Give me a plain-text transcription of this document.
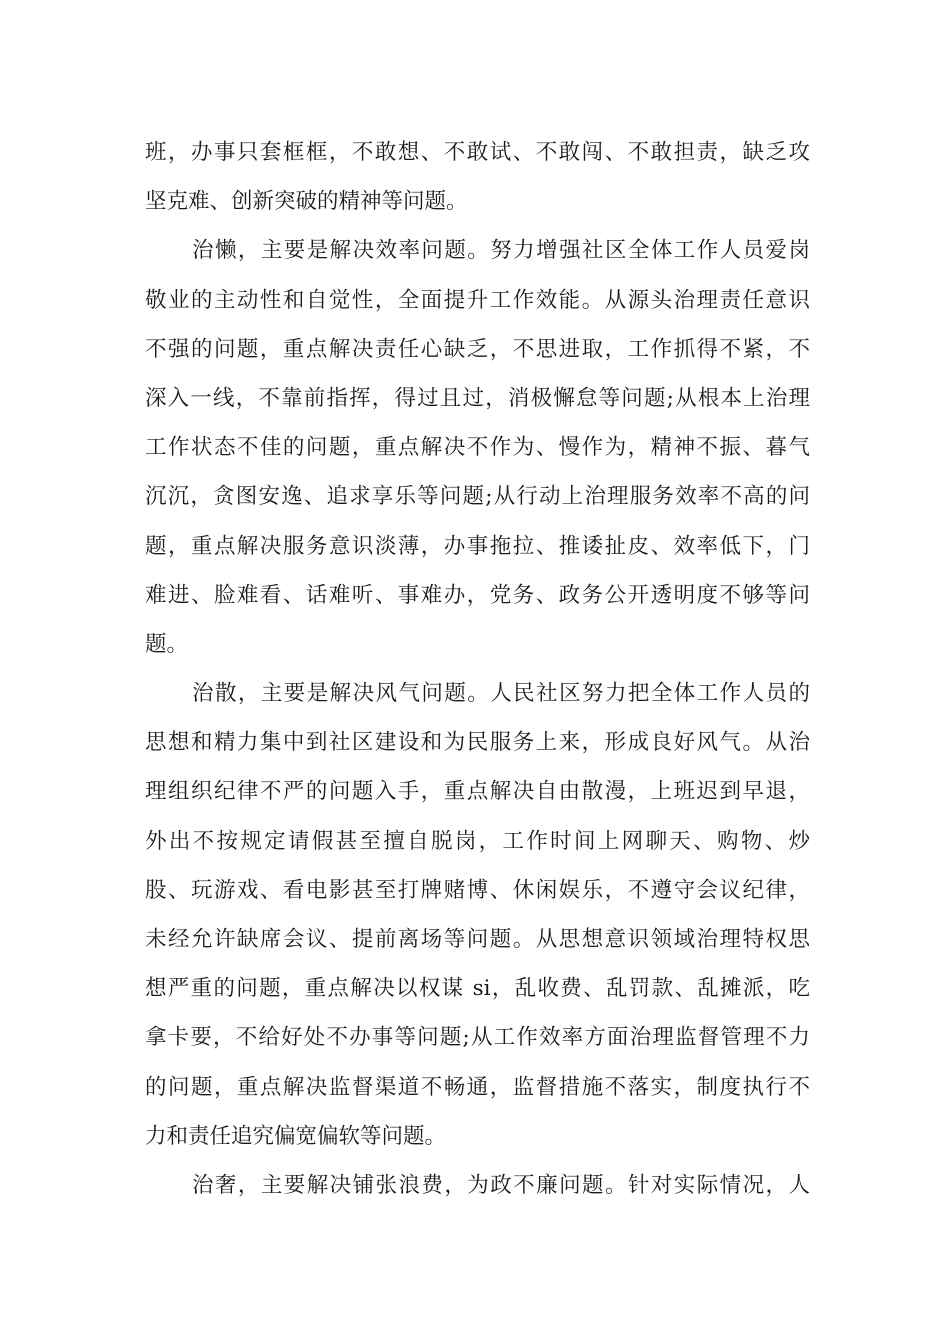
班，办事只套框框，不敢想、不敢试、不敢闯、不敢担责，缺乏攻
坚克难、创新突破的精神等问题。
治懒，主要是解决效率问题。努力增强社区全体工作人员爱岗
敬业的主动性和自觉性，全面提升工作效能。从源头治理责任意识
不强的问题，重点解决责任心缺乏，不思进取，工作抓得不紧，不
深入一线，不靠前指挥，得过且过，消极懈怠等问题;从根本上治理
工作状态不佳的问题，重点解决不作为、慢作为，精神不振、暮气
沉沉，贪图安逸、追求享乐等问题;从行动上治理服务效率不高的问
题，重点解决服务意识淡薄，办事拖拉、推诿扯皮、效率低下，门
难进、脸难看、话难听、事难办，党务、政务公开透明度不够等问
题。
治散，主要是解决风气问题。人民社区努力把全体工作人员的
思想和精力集中到社区建设和为民服务上来，形成良好风气。从治
理组织纪律不严的问题入手，重点解决自由散漫，上班迟到早退，
外出不按规定请假甚至擅自脱岗，工作时间上网聊天、购物、炒
股、玩游戏、看电影甚至打牌赌博、休闲娱乐，不遵守会议纪律，
未经允许缺席会议、提前离场等问题。从思想意识领域治理特权思
想严重的问题，重点解决以权谋 si，乱收费、乱罚款、乱摊派，吃
拿卡要，不给好处不办事等问题;从工作效率方面治理监督管理不力
的问题，重点解决监督渠道不畅通，监督措施不落实，制度执行不
力和责任追究偏宽偏软等问题。
治奢，主要解决铺张浪费，为政不廉问题。针对实际情况，人
